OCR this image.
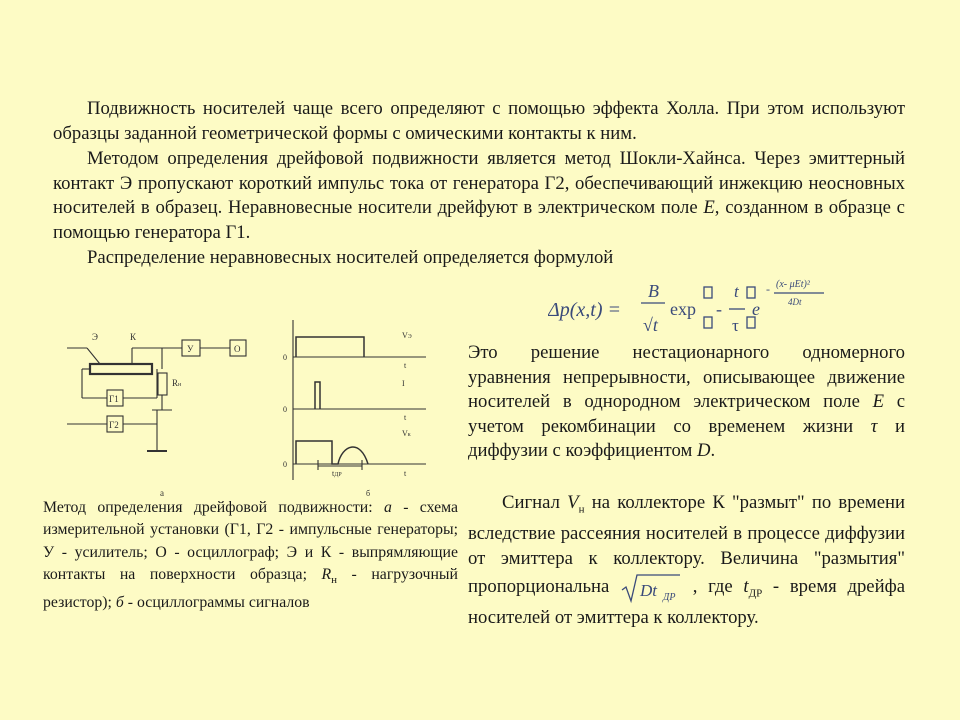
Подвижность носителей чаще всего определяют с помощью эффекта Холла. При этом используют образцы заданной геометрической формы с омическими контакты к ним.

Методом определения дрейфовой подвижности является метод Шокли-Хайнса. Через эмиттерный контакт Э пропускают короткий импульс тока от генератора Г2, обеспечивающий инжекцию неосновных носителей в образец. Неравновесные носители дрейфуют в электрическом поле E, созданном в образце с помощью генератора Г1.

Распределение неравновесных носителей определяется формулой

Δp(x,t) =
B
√t
exp -
t
τ
e
- (x- μEt)²
4Dt
Э	К
У	О
Г1
Г2
Rн
а
0
0
0
VЭ
t
I
t
Vк
t
tДР
б

Метод определения дрейфовой подвижности: а - схема измерительной установки (Г1, Г2 - импульсные генераторы; У - усилитель; О - осциллограф; Э и К - выпрямляющие контакты на поверхности образца; $R_н$ - нагрузочный резистор); б - осциллограммы сигналов

Это решение нестационарного одномерного уравнения непрерывности, описывающее движение носителей в однородном электрическом поле E с учетом рекомбинации со временем жизни τ и диффузии с коэффициентом D.

Сигнал $V_н$ на коллекторе К "размыт" по времени вследствие рассеяния носителей в процессе диффузии от эмиттера к коллектору. Величина "размытия" пропорциональна Dt ДР
, где $t_{ДР}$ - время дрейфа носителей от эмиттера к коллектору.
